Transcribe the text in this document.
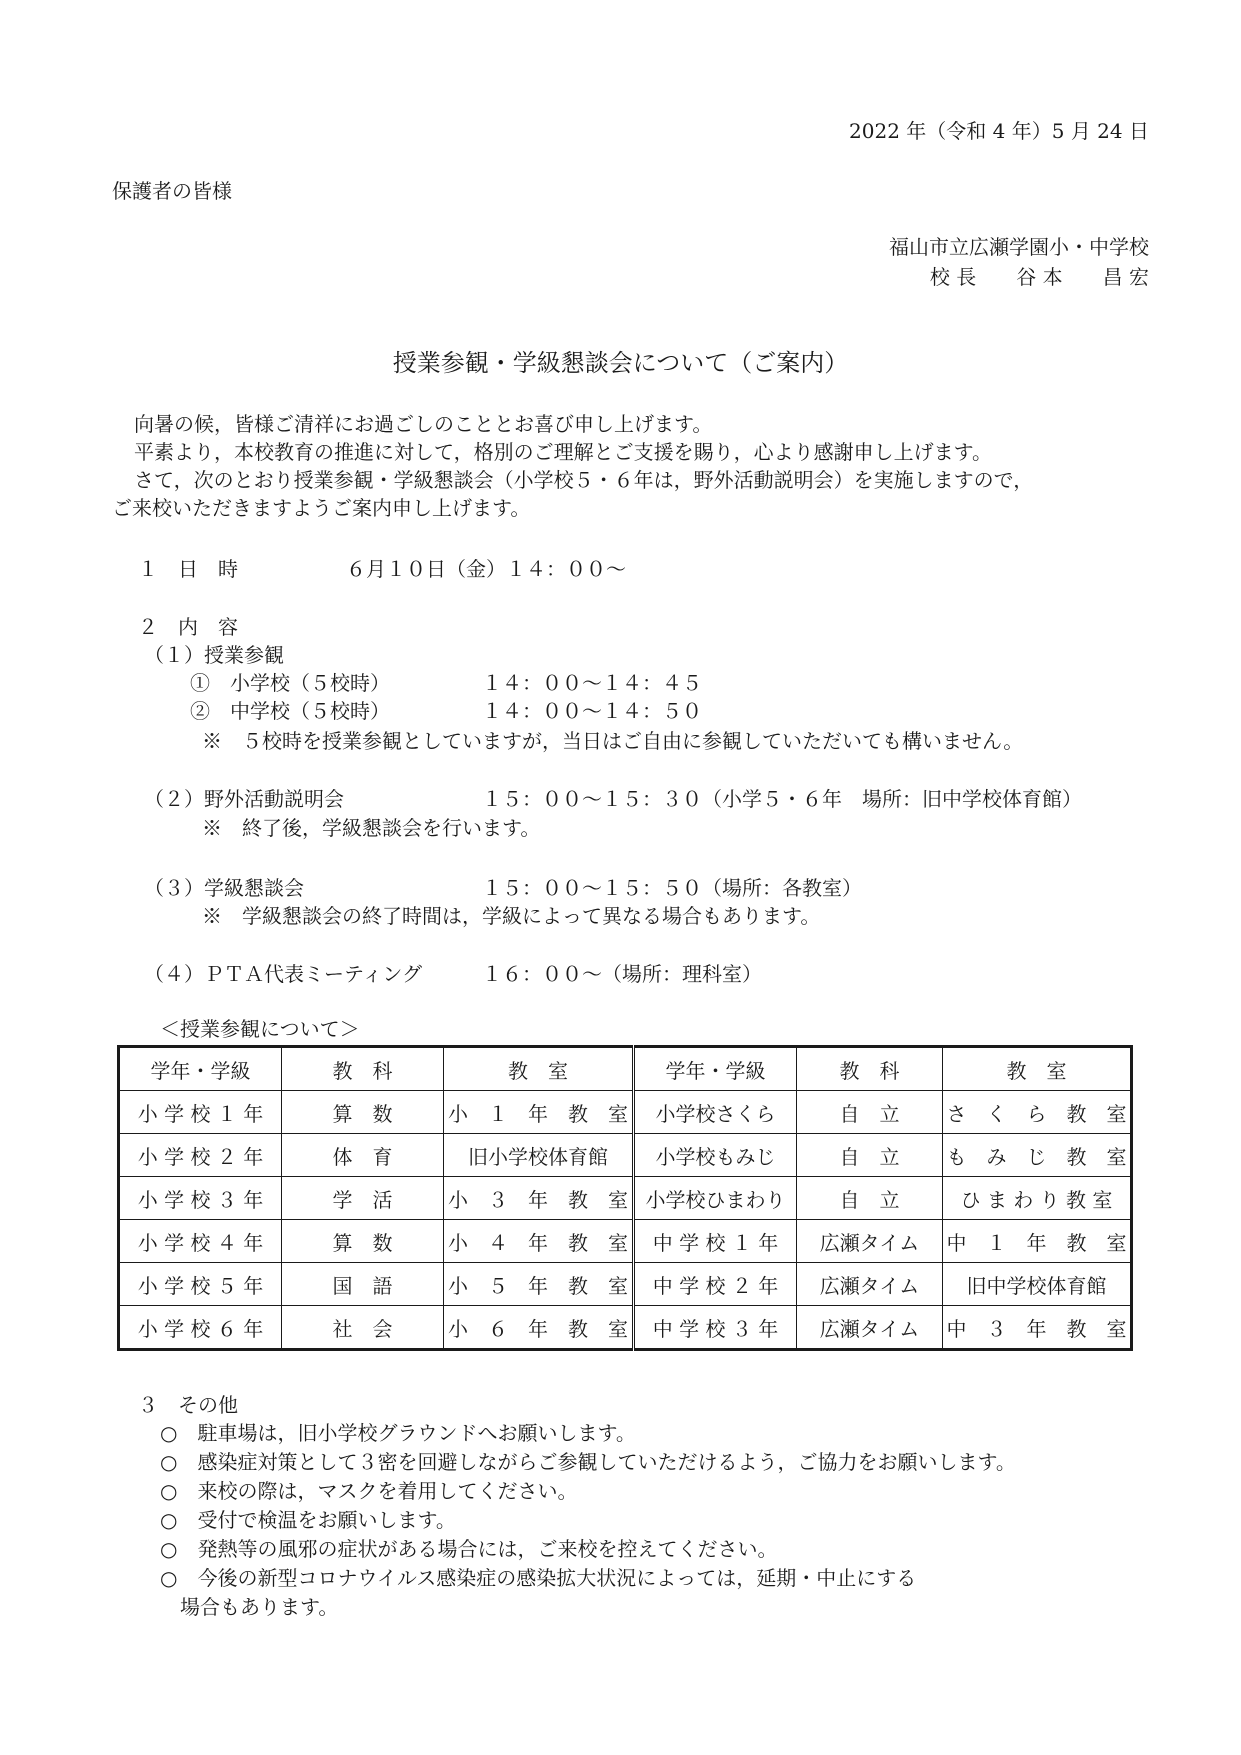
2022 年（令和 4 年）5 月 24 日
保護者の皆様
福山市立広瀬学園小・中学校
校 長　　谷 本　　昌 宏
授業参観・学級懇談会について（ご案内）
向暑の候，皆様ご清祥にお過ごしのこととお喜び申し上げます。
平素より，本校教育の推進に対して，格別のご理解とご支援を賜り，心より感謝申し上げます。
さて，次のとおり授業参観・学級懇談会（小学校５・６年は，野外活動説明会）を実施しますので，
ご来校いただきますようご案内申し上げます。
１　日　時	６月１０日（金）１４：００～
２　内　容
（１）授業参観
①　小学校（５校時）	１４：００～１４：４５
②　中学校（５校時）	１４：００～１４：５０
※　５校時を授業参観としていますが，当日はご自由に参観していただいても構いません。
（２）野外活動説明会	１５：００～１５：３０（小学５・６年　場所：旧中学校体育館）
※　終了後，学級懇談会を行います。
（３）学級懇談会	１５：００～１５：５０（場所：各教室）
※　学級懇談会の終了時間は，学級によって異なる場合もあります。
（４）ＰＴＡ代表ミーティング	１６：００～（場所：理科室）
＜授業参観について＞
学年・学級	教　科	教　室	学年・学級	教　科	教　室
小 学 校 １ 年	算　数	小　１　年　教　室	小学校さくら	自　立	さ　く　ら　教　室
小 学 校 ２ 年	体　育	旧小学校体育館	小学校もみじ	自　立	も　み　じ　教　室
小 学 校 ３ 年	学　活	小　３　年　教　室	小学校ひまわり	自　立	ひ ま わ り 教 室
小 学 校 ４ 年	算　数	小　４　年　教　室	中 学 校 １ 年	広瀬タイム	中　１　年　教　室
小 学 校 ５ 年	国　語	小　５　年　教　室	中 学 校 ２ 年	広瀬タイム	旧中学校体育館
小 学 校 ６ 年	社　会	小　６　年　教　室	中 学 校 ３ 年	広瀬タイム	中　３　年　教　室
３　その他
○　駐車場は，旧小学校グラウンドへお願いします。
○　感染症対策として３密を回避しながらご参観していただけるよう，ご協力をお願いします。
○　来校の際は，マスクを着用してください。
○　受付で検温をお願いします。
○　発熱等の風邪の症状がある場合には，ご来校を控えてください。
○　今後の新型コロナウイルス感染症の感染拡大状況によっては，延期・中止にする
場合もあります。
